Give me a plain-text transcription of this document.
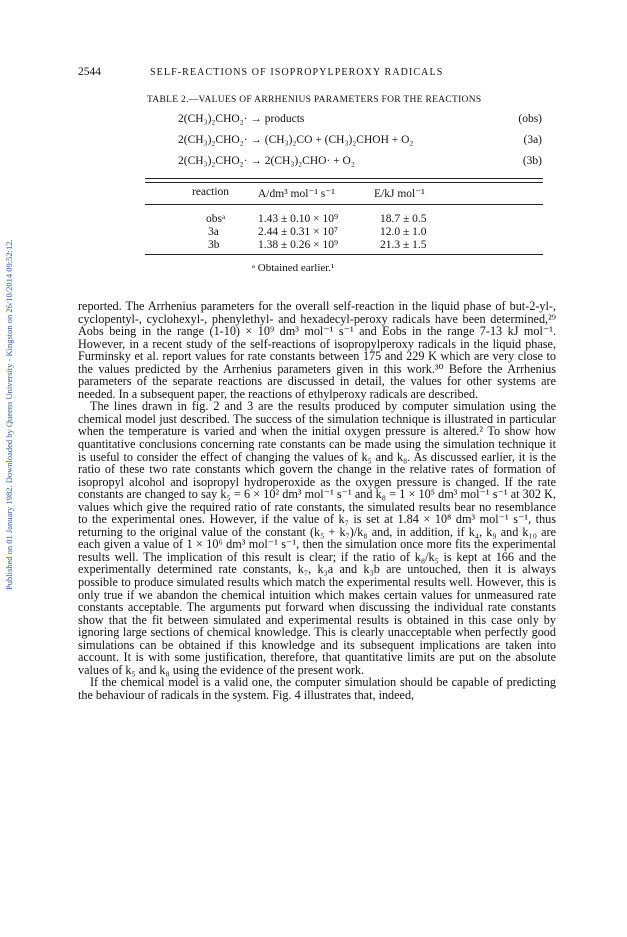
Published on 01 January 1982. Downloaded by Queens University - Kingston on 26/10/2014 09:52:12.
2544	SELF-REACTIONS OF ISOPROPYLPEROXY RADICALS
TABLE 2.—VALUES OF ARRHENIUS PARAMETERS FOR THE REACTIONS
2(CH₃)₂CHO₂· → products	(obs)
2(CH₃)₂CHO₂· → (CH₃)₂CO + (CH₃)₂CHOH + O₂	(3a)
2(CH₃)₂CHO₂· → 2(CH₃)₂CHO· + O₂	(3b)
reaction	A/dm³ mol⁻¹ s⁻¹	E/kJ mol⁻¹
obsᵃ	1.43 ± 0.10 × 10⁹	18.7 ± 0.5
3a	2.44 ± 0.31 × 10⁷	12.0 ± 1.0
3b	1.38 ± 0.26 × 10⁹	21.3 ± 1.5
ᵃ Obtained earlier.¹

reported. The Arrhenius parameters for the overall self-reaction in the liquid phase of but-2-yl-, cyclopentyl-, cyclohexyl-, phenylethyl- and hexadecyl-peroxy radicals have been determined,²⁹ Aobs being in the range (1-10) × 10⁹ dm³ mol⁻¹ s⁻¹ and Eobs in the range 7-13 kJ mol⁻¹. However, in a recent study of the self-reactions of isopropylperoxy radicals in the liquid phase, Furminsky et al. report values for rate constants between 175 and 229 K which are very close to the values predicted by the Arrhenius parameters given in this work.³⁰ Before the Arrhenius parameters of the separate reactions are discussed in detail, the values for other systems are needed. In a subsequent paper, the reactions of ethylperoxy radicals are described.

The lines drawn in fig. 2 and 3 are the results produced by computer simulation using the chemical model just described. The success of the simulation technique is illustrated in particular when the temperature is varied and when the initial oxygen pressure is altered.² To show how quantitative conclusions concerning rate constants can be made using the simulation technique it is useful to consider the effect of changing the values of k₅ and k₈. As discussed earlier, it is the ratio of these two rate constants which govern the change in the relative rates of formation of isopropyl alcohol and isopropyl hydroperoxide as the oxygen pressure is changed. If the rate constants are changed to say k₅ = 6 × 10² dm³ mol⁻¹ s⁻¹ and k₈ = 1 × 10⁵ dm³ mol⁻¹ s⁻¹ at 302 K, values which give the required ratio of rate constants, the simulated results bear no resemblance to the experimental ones. However, if the value of k₇ is set at 1.84 × 10⁸ dm³ mol⁻¹ s⁻¹, thus returning to the original value of the constant (k₅ + k₇)/k₈ and, in addition, if k₄, k₉ and k₁₀ are each given a value of 1 × 10⁶ dm³ mol⁻¹ s⁻¹, then the simulation once more fits the experimental results well. The implication of this result is clear; if the ratio of k₈/k₅ is kept at 166 and the experimentally determined rate constants, k₇, k₃a and k₃b are untouched, then it is always possible to produce simulated results which match the experimental results well. However, this is only true if we abandon the chemical intuition which makes certain values for unmeasured rate constants acceptable. The arguments put forward when discussing the individual rate constants show that the fit between simulated and experimental results is obtained in this case only by ignoring large sections of chemical knowledge. This is clearly unacceptable when perfectly good simulations can be obtained if this knowledge and its subsequent implications are taken into account. It is with some justification, therefore, that quantitative limits are put on the absolute values of k₅ and k₈ using the evidence of the present work.

If the chemical model is a valid one, the computer simulation should be capable of predicting the behaviour of radicals in the system. Fig. 4 illustrates that, indeed,
